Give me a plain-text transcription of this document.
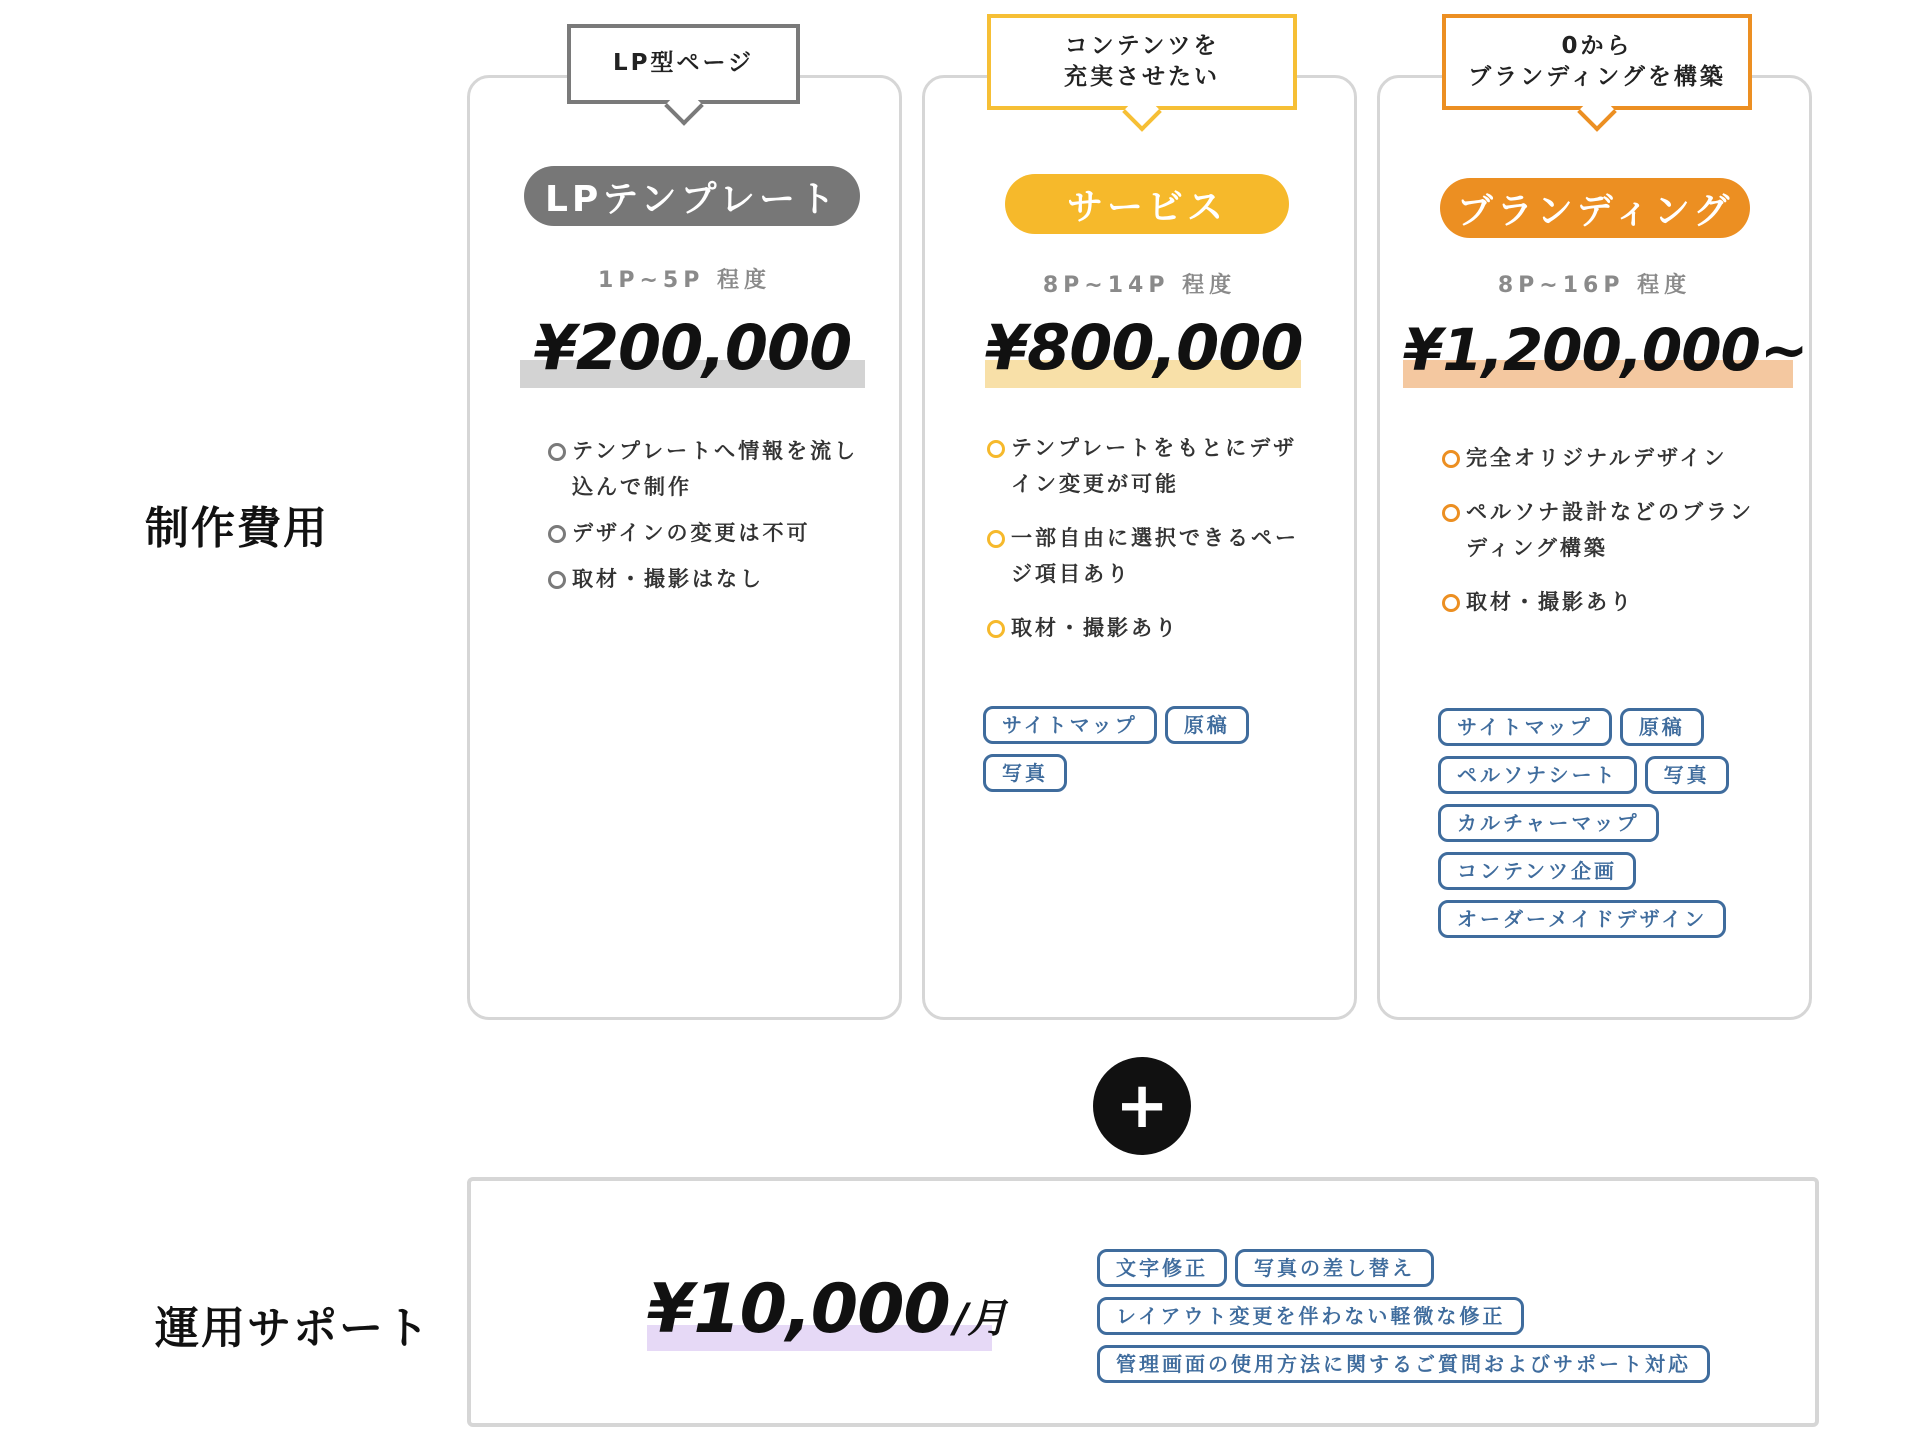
制作費用
運用サポート
LP型ページ
LPテンプレート
1P~5P 程度
¥200,000
テンプレートへ情報を流し込んで制作
デザインの変更は不可
取材・撮影はなし
コンテンツを
充実させたい
サービス
8P~14P 程度
¥800,000
テンプレートをもとにデザイン変更が可能
一部自由に選択できるページ項目あり
取材・撮影あり
サイトマップ	原稿
写真
0から
ブランディングを構築
ブランディング
8P~16P 程度
¥1,200,000~
完全オリジナルデザイン
ペルソナ設計などのブランディング構築
取材・撮影あり
サイトマップ	原稿
ペルソナシート	写真
カルチャーマップ
コンテンツ企画
オーダーメイドデザイン
+
¥10,000 /月
文字修正	写真の差し替え
レイアウト変更を伴わない軽微な修正
管理画面の使用方法に関するご質問およびサポート対応
